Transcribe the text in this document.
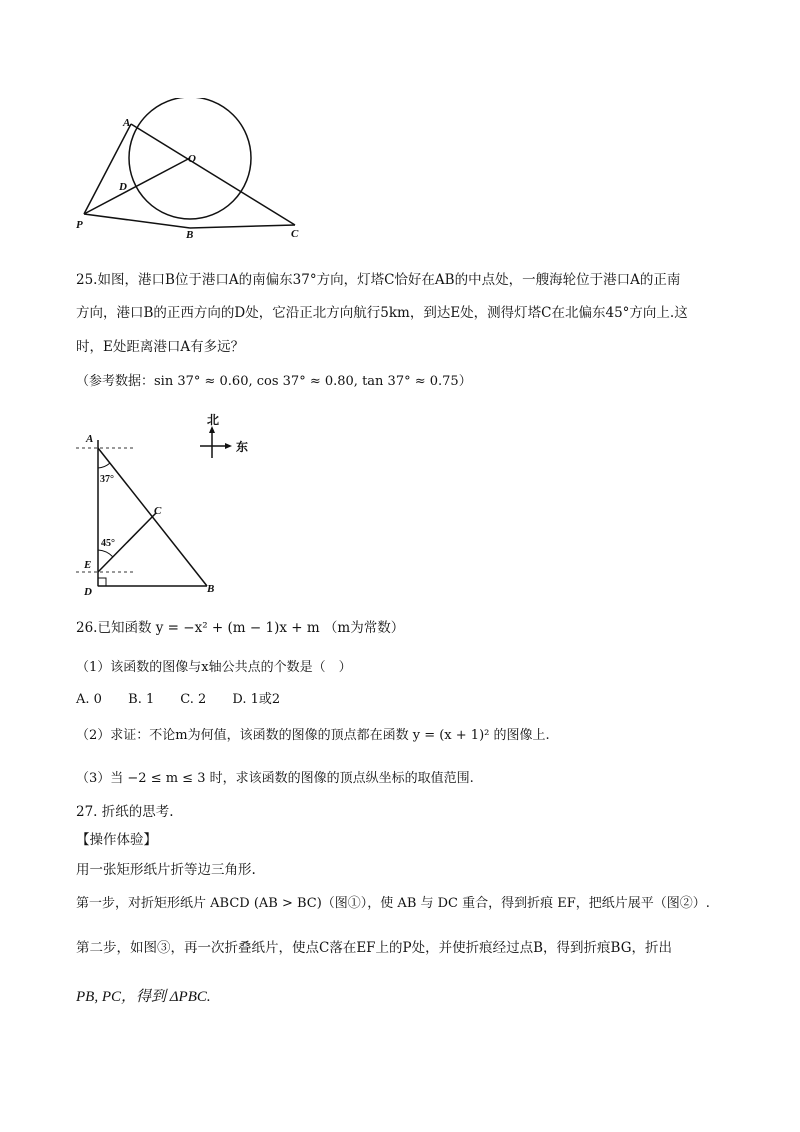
A
O
D
P
B	C
25.如图，港口B位于港口A的南偏东37°方向，灯塔C恰好在AB的中点处，一艘海轮位于港口A的正南
方向，港口B的正西方向的D处，它沿正北方向航行5km，到达E处，测得灯塔C在北偏东45°方向上.这
时，E处距离港口A有多远？
（参考数据：sin 37° ≈ 0.60, cos 37° ≈ 0.80, tan 37° ≈ 0.75）
A
C
E
D	B
37°
45°
北
东
26.已知函数 y = −x² + (m − 1)x + m （m为常数）
（1）该函数的图像与x轴公共点的个数是（　）
A. 0 B. 1 C. 2 D. 1或2
（2）求证：不论m为何值，该函数的图像的顶点都在函数 y = (x + 1)² 的图像上.
（3）当 −2 ≤ m ≤ 3 时，求该函数的图像的顶点纵坐标的取值范围.
27. 折纸的思考.
【操作体验】
用一张矩形纸片折等边三角形.
第一步，对折矩形纸片 ABCD (AB > BC)（图①），使 AB 与 DC 重合，得到折痕 EF，把纸片展平（图②）.
第二步，如图③，再一次折叠纸片，使点C落在EF上的P处，并使折痕经过点B，得到折痕BG，折出
PB, PC，得到 ΔPBC.
